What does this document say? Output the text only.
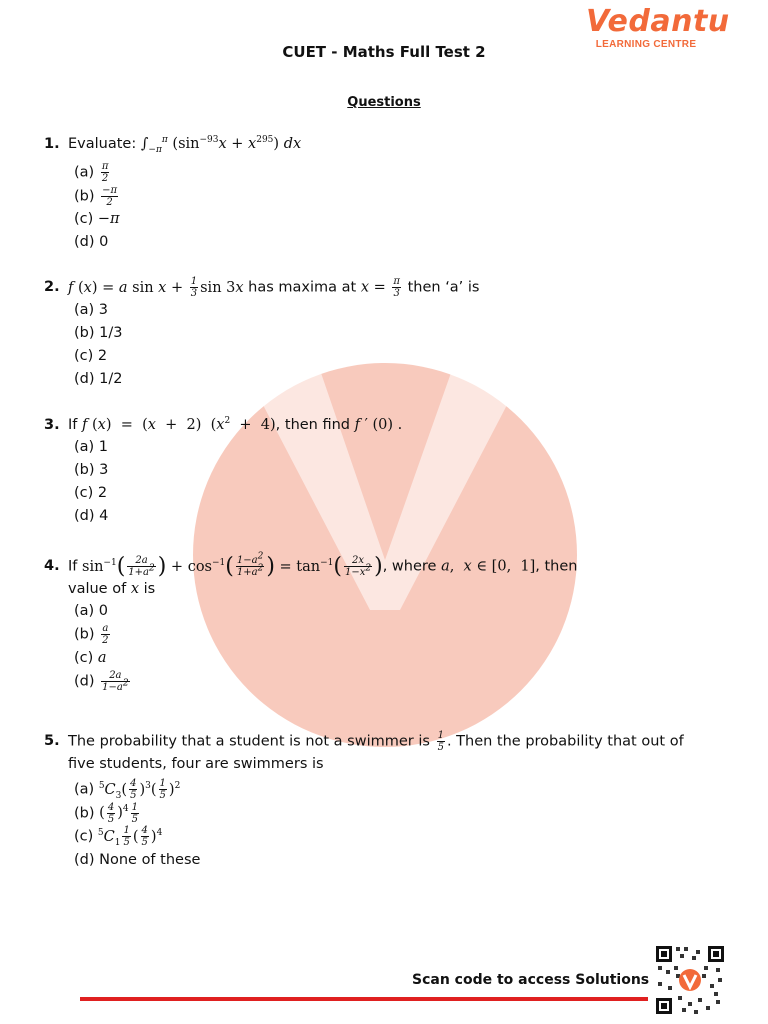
Vedantu
LEARNING CENTRE
CUET - Maths Full Test 2
Questions
1. Evaluate: $\int_{-\pi}^\pi$ $(\sin^{-93}x + x^{295})$ dx
$(a) \frac{\pi}{2}$
$(b) \frac{-\pi}{2}$
(c) −π
(d) 0
2. f (x) = a $\sin x + \frac{1}{3}$ sin 3x has maxima at $x = \frac{\pi}{3}$ then ‘a’ is
(a) 3
(b) 1/3
(c) 2
(d) 1/2
3. If f (x)  =  (x  +  2)  $(x^2 + 4)$, then find f ′ (0) .
(a) 1
(b) 3
(c) 2
(d) 4
4. If $\sin^{-1}( \frac{2a}{1+a^2}$ ) + $\cos^{-1}( \frac{1-a^2}{1+a^2}$ ) = $\tan^{-1}( \frac{2x}{1-x^2}$ ), where a,  x ∈ [0,  1], then
value of x is
(a) 0
$(b) \frac{a}{2}$
(c) a
$(d) \frac{2a}{1-a^2}$
5. The probability that a student is not a swimmer is $\frac{1}{5}$ . Then the probability that out of
five students, four are swimmers is
(a) $^5C_3( \frac{4}{5} )^3( \frac{1}{5} )^2$
(b) ( $\frac{4}{5} )^4 \frac{1}{5}$
(c) $^5C_1 \frac{1}{5}$ ( $\frac{4}{5} )^4$
(d) None of these
Scan code to access Solutions
